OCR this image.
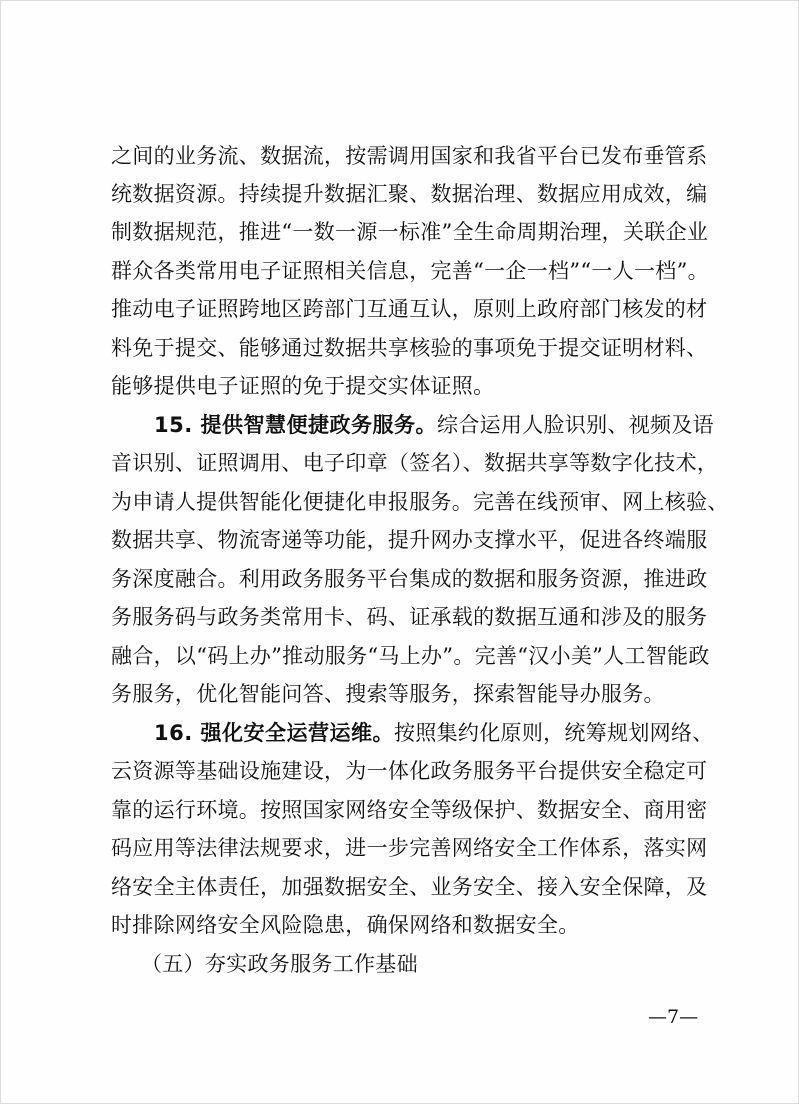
之间的业务流、数据流，按需调用国家和我省平台已发布垂管系
统数据资源。持续提升数据汇聚、数据治理、数据应用成效，编
制数据规范，推进“一数一源一标准”全生命周期治理，关联企业
群众各类常用电子证照相关信息，完善“一企一档”“一人一档”。
推动电子证照跨地区跨部门互通互认，原则上政府部门核发的材
料免于提交、能够通过数据共享核验的事项免于提交证明材料、
能够提供电子证照的免于提交实体证照。
15. 提供智慧便捷政务服务。综合运用人脸识别、视频及语
音识别、证照调用、电子印章（签名）、数据共享等数字化技术，
为申请人提供智能化便捷化申报服务。完善在线预审、网上核验、
数据共享、物流寄递等功能，提升网办支撑水平，促进各终端服
务深度融合。利用政务服务平台集成的数据和服务资源，推进政
务服务码与政务类常用卡、码、证承载的数据互通和涉及的服务
融合，以“码上办”推动服务“马上办”。完善“汉小美”人工智能政
务服务，优化智能问答、搜索等服务，探索智能导办服务。
16. 强化安全运营运维。按照集约化原则，统筹规划网络、
云资源等基础设施建设，为一体化政务服务平台提供安全稳定可
靠的运行环境。按照国家网络安全等级保护、数据安全、商用密
码应用等法律法规要求，进一步完善网络安全工作体系，落实网
络安全主体责任，加强数据安全、业务安全、接入安全保障，及
时排除网络安全风险隐患，确保网络和数据安全。
（五）夯实政务服务工作基础
—7—
